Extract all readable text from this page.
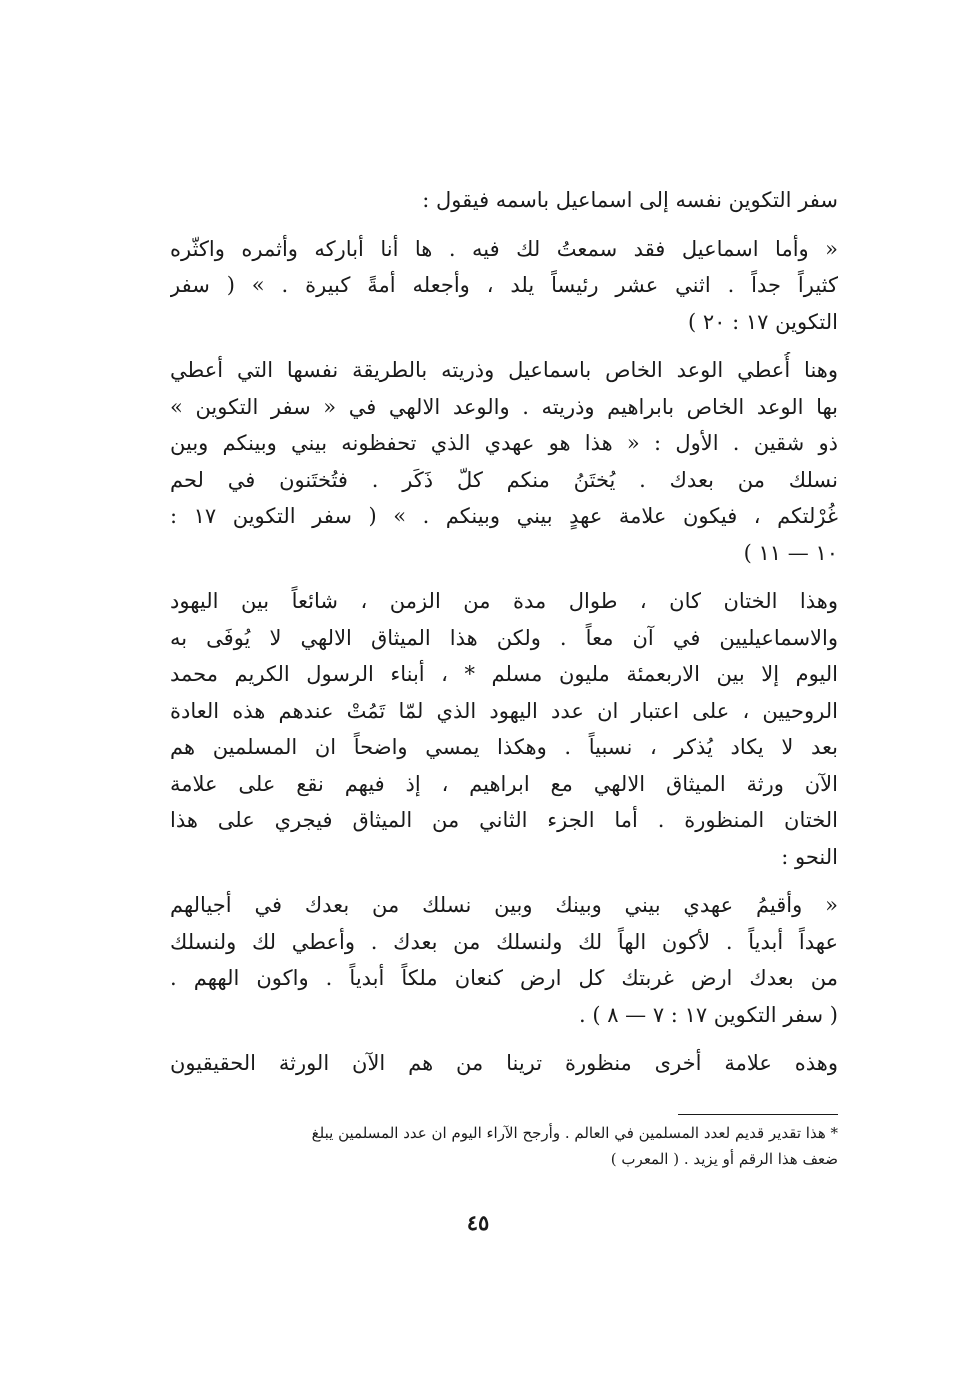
سفر التكوين نفسه إلى اسماعيل باسمه فيقول :
« وأما اسماعيل فقد سمعتُ لك فيه . ها أنا أباركه وأثمره واكثّره
كثيراً جداً . اثني عشر رئيساً يلد ، وأجعله أمةً كبيرة . » ( سفر
التكوين ١٧ : ٢٠ )
وهنا أُعطي الوعد الخاص باسماعيل وذريته بالطريقة نفسها التي أعطي
بها الوعد الخاص بابراهيم وذريته . والوعد الالهي في « سفر التكوين »
ذو شقين . الأول : « هذا هو عهدي الذي تحفظونه بيني وبينكم وبين
نسلك من بعدك . يُختَنُ منكم كلّ ذَكَر . فتُختَنون في لحم
غُرْلتكم ، فيكون علامة عهدٍ بيني وبينكم . » ( سفر التكوين ١٧ :
١٠ — ١١ )
وهذا الختان كان ، طوال مدة من الزمن ، شائعاً بين اليهود
والاسماعيليين في آن معاً . ولكن هذا الميثاق الالهي لا يُوفَى به
اليوم إلا بين الاربعمئة مليون مسلم * ، أبناء الرسول الكريم محمد
الروحيين ، على اعتبار ان عدد اليهود الذي لمّا تَمُتْ عندهم هذه العادة
بعد لا يكاد يُذكر ، نسبياً . وهكذا يمسي واضحاً ان المسلمين هم
الآن ورثة الميثاق الالهي مع ابراهيم ، إذ فيهم نقع على علامة
الختان المنظورة . أما الجزء الثاني من الميثاق فيجري على هذا
النحو :
« وأقيمُ عهدي بيني وبينك وبين نسلك من بعدك في أجيالهم
عهداً أبدياً . لأكون الهاً لك ولنسلك من بعدك . وأعطي لك ولنسلك
من بعدك ارض غربتك كل ارض كنعان ملكاً أبدياً . واكون الههم .
( سفر التكوين ١٧ : ٧ — ٨ ) .
وهذه علامة أخرى منظورة ترينا من هم الآن الورثة الحقيقيون
* هذا تقدير قديم لعدد المسلمين في العالم . وأرجح الآراء اليوم ان عدد المسلمين يبلغ
ضعف هذا الرقم أو يزيد . ( المعرب )
٤٥
